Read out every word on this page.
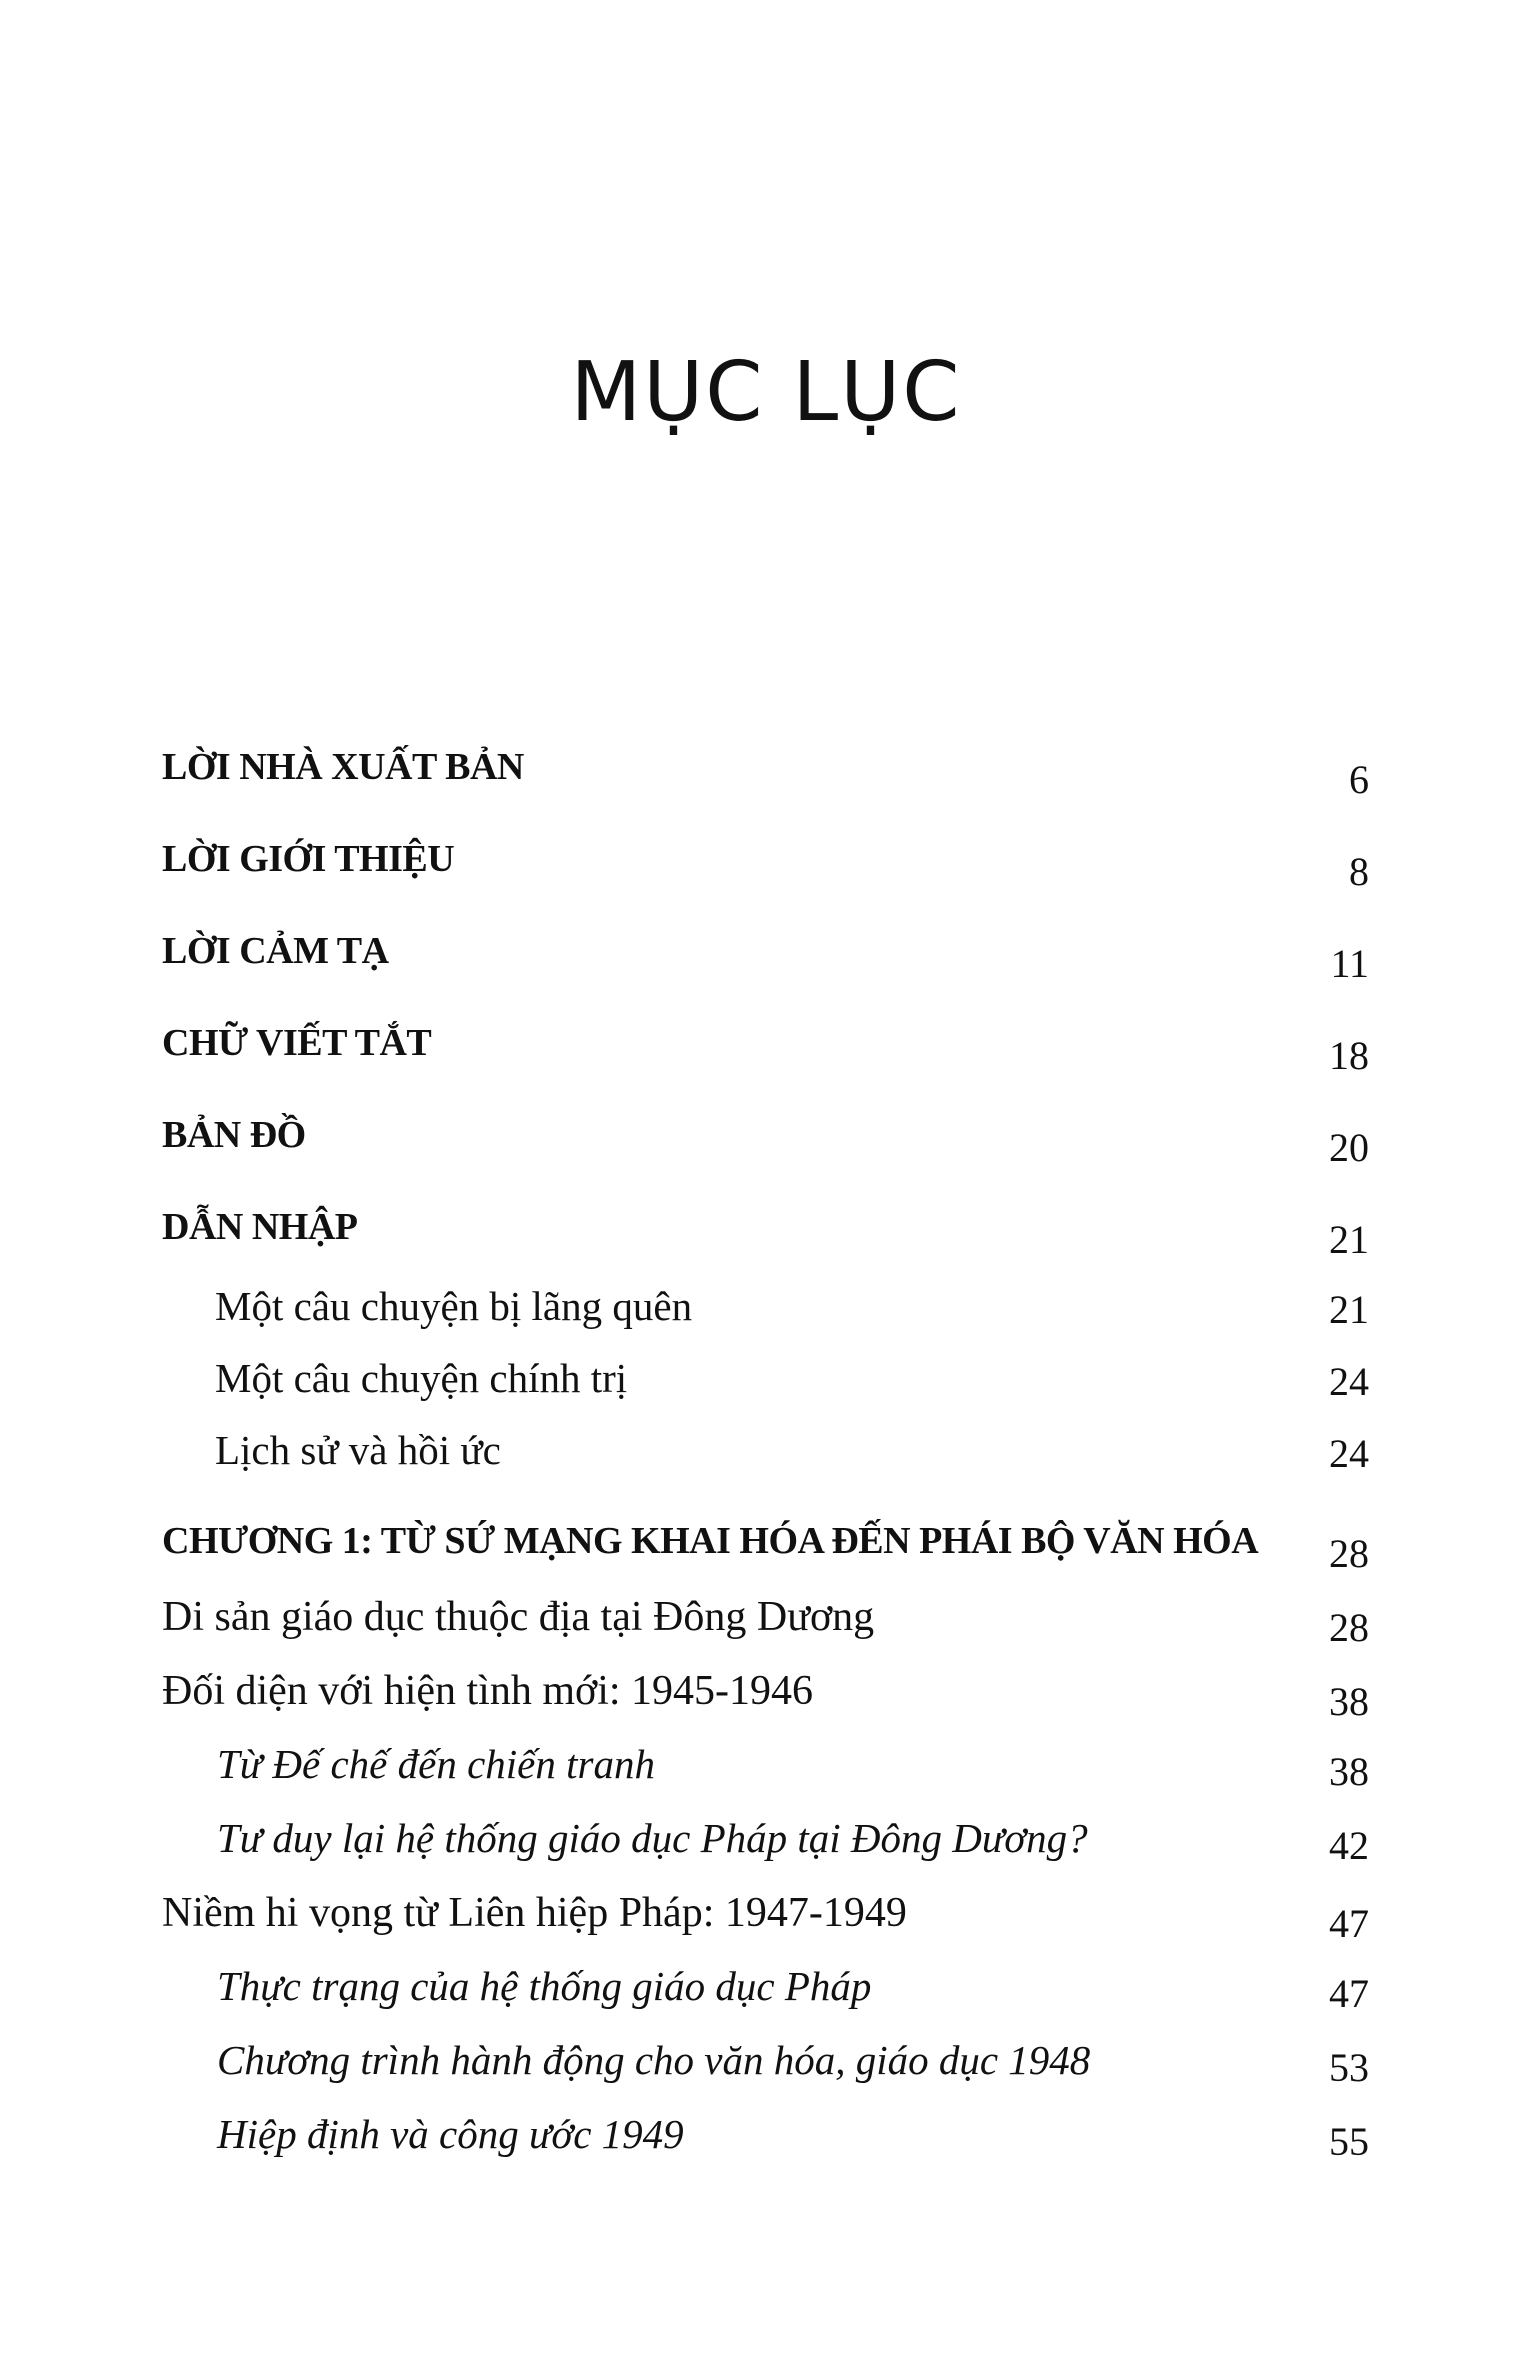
MỤC LỤC
LỜI NHÀ XUẤT BẢN	6
LỜI GIỚI THIỆU	8
LỜI CẢM TẠ	11
CHỮ VIẾT TẮT	18
BẢN ĐỒ	20
DẪN NHẬP	21
Một câu chuyện bị lãng quên	21
Một câu chuyện chính trị	24
Lịch sử và hồi ức	24
CHƯƠNG 1: TỪ SỨ MẠNG KHAI HÓA ĐẾN PHÁI BỘ VĂN HÓA 28
Di sản giáo dục thuộc địa tại Đông Dương	28
Đối diện với hiện tình mới: 1945-1946	38
Từ Đế chế đến chiến tranh	38
Tư duy lại hệ thống giáo dục Pháp tại Đông Dương?	42
Niềm hi vọng từ Liên hiệp Pháp: 1947-1949	47
Thực trạng của hệ thống giáo dục Pháp	47
Chương trình hành động cho văn hóa, giáo dục 1948	53
Hiệp định và công ước 1949	55
